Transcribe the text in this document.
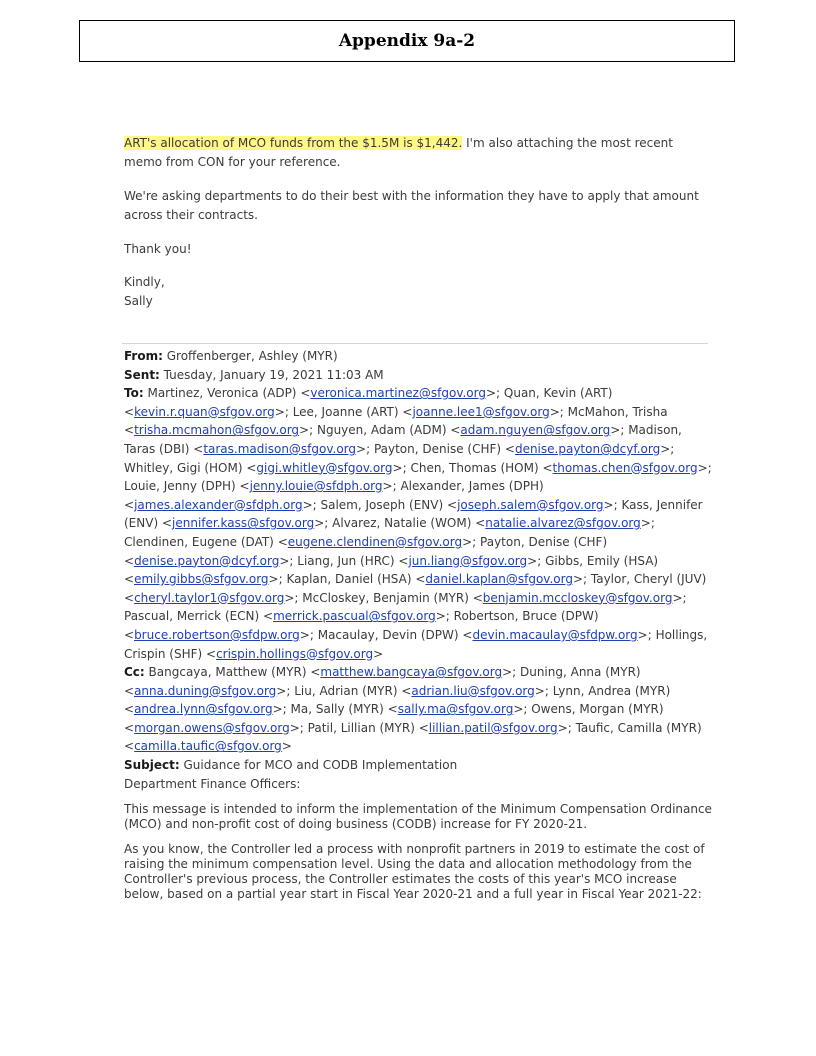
Appendix 9a-2

ART's allocation of MCO funds from the $1.5M is $1,442. I'm also attaching the most recent memo from CON for your reference.

We're asking departments to do their best with the information they have to apply that amount across their contracts.

Thank you!

Kindly,

Sally

From: Groffenberger, Ashley (MYR)
Sent: Tuesday, January 19, 2021 11:03 AM
To: Martinez, Veronica (ADP) <veronica.martinez@sfgov.org>; Quan, Kevin (ART) <kevin.r.quan@sfgov.org>; Lee, Joanne (ART) <joanne.lee1@sfgov.org>; McMahon, Trisha <trisha.mcmahon@sfgov.org>; Nguyen, Adam (ADM) <adam.nguyen@sfgov.org>; Madison, Taras (DBI) <taras.madison@sfgov.org>; Payton, Denise (CHF) <denise.payton@dcyf.org>; Whitley, Gigi (HOM) <gigi.whitley@sfgov.org>; Chen, Thomas (HOM) <thomas.chen@sfgov.org>; Louie, Jenny (DPH) <jenny.louie@sfdph.org>; Alexander, James (DPH) <james.alexander@sfdph.org>; Salem, Joseph (ENV) <joseph.salem@sfgov.org>; Kass, Jennifer (ENV) <jennifer.kass@sfgov.org>; Alvarez, Natalie (WOM) <natalie.alvarez@sfgov.org>; Clendinen, Eugene (DAT) <eugene.clendinen@sfgov.org>; Payton, Denise (CHF) <denise.payton@dcyf.org>; Liang, Jun (HRC) <jun.liang@sfgov.org>; Gibbs, Emily (HSA) <emily.gibbs@sfgov.org>; Kaplan, Daniel (HSA) <daniel.kaplan@sfgov.org>; Taylor, Cheryl (JUV) <cheryl.taylor1@sfgov.org>; McCloskey, Benjamin (MYR) <benjamin.mccloskey@sfgov.org>; Pascual, Merrick (ECN) <merrick.pascual@sfgov.org>; Robertson, Bruce (DPW) <bruce.robertson@sfdpw.org>; Macaulay, Devin (DPW) <devin.macaulay@sfdpw.org>; Hollings, Crispin (SHF) <crispin.hollings@sfgov.org>
Cc: Bangcaya, Matthew (MYR) <matthew.bangcaya@sfgov.org>; Duning, Anna (MYR) <anna.duning@sfgov.org>; Liu, Adrian (MYR) <adrian.liu@sfgov.org>; Lynn, Andrea (MYR) <andrea.lynn@sfgov.org>; Ma, Sally (MYR) <sally.ma@sfgov.org>; Owens, Morgan (MYR) <morgan.owens@sfgov.org>; Patil, Lillian (MYR) <lillian.patil@sfgov.org>; Taufic, Camilla (MYR) <camilla.taufic@sfgov.org>
Subject: Guidance for MCO and CODB Implementation

Department Finance Officers:

This message is intended to inform the implementation of the Minimum Compensation Ordinance (MCO) and non-profit cost of doing business (CODB) increase for FY 2020-21.

As you know, the Controller led a process with nonprofit partners in 2019 to estimate the cost of raising the minimum compensation level. Using the data and allocation methodology from the Controller's previous process, the Controller estimates the costs of this year's MCO increase below, based on a partial year start in Fiscal Year 2020-21 and a full year in Fiscal Year 2021-22:
